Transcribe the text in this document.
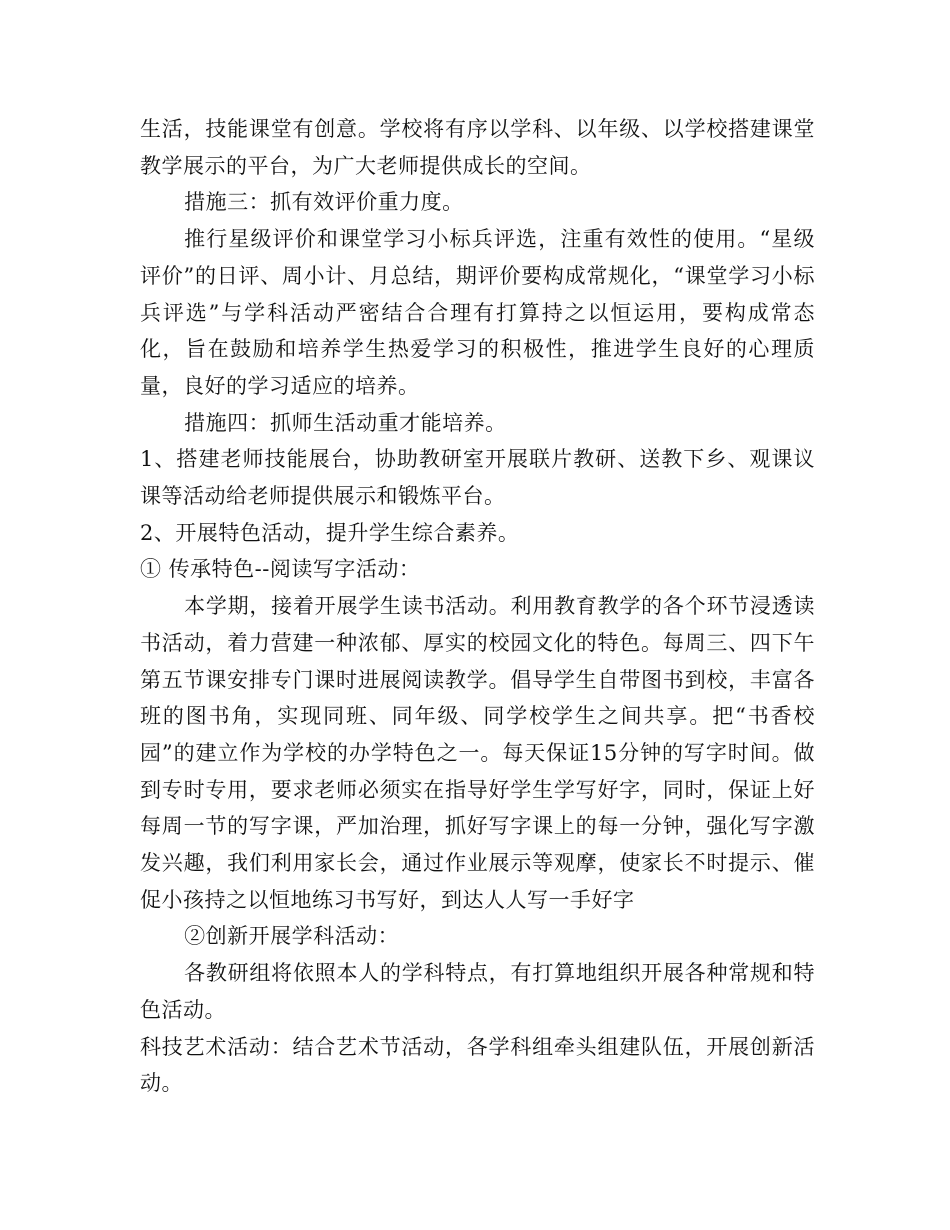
生活，技能课堂有创意。学校将有序以学科、以年级、以学校搭建课堂教学展示的平台，为广大老师提供成长的空间。

措施三：抓有效评价重力度。

推行星级评价和课堂学习小标兵评选，注重有效性的使用。“星级评价”的日评、周小计、月总结，期评价要构成常规化，“课堂学习小标兵评选”与学科活动严密结合合理有打算持之以恒运用，要构成常态化，旨在鼓励和培养学生热爱学习的积极性，推进学生良好的心理质量，良好的学习适应的培养。

措施四：抓师生活动重才能培养。

1、搭建老师技能展台，协助教研室开展联片教研、送教下乡、观课议课等活动给老师提供展示和锻炼平台。

2、开展特色活动，提升学生综合素养。

① 传承特色--阅读写字活动：

本学期，接着开展学生读书活动。利用教育教学的各个环节浸透读书活动，着力营建一种浓郁、厚实的校园文化的特色。每周三、四下午第五节课安排专门课时进展阅读教学。倡导学生自带图书到校，丰富各班的图书角，实现同班、同年级、同学校学生之间共享。把“书香校园”的建立作为学校的办学特色之一。每天保证15分钟的写字时间。做到专时专用，要求老师必须实在指导好学生学写好字，同时，保证上好每周一节的写字课，严加治理，抓好写字课上的每一分钟，强化写字激发兴趣，我们利用家长会，通过作业展示等观摩，使家长不时提示、催促小孩持之以恒地练习书写好，到达人人写一手好字

②创新开展学科活动：

各教研组将依照本人的学科特点，有打算地组织开展各种常规和特色活动。

科技艺术活动：结合艺术节活动，各学科组牵头组建队伍，开展创新活动。
